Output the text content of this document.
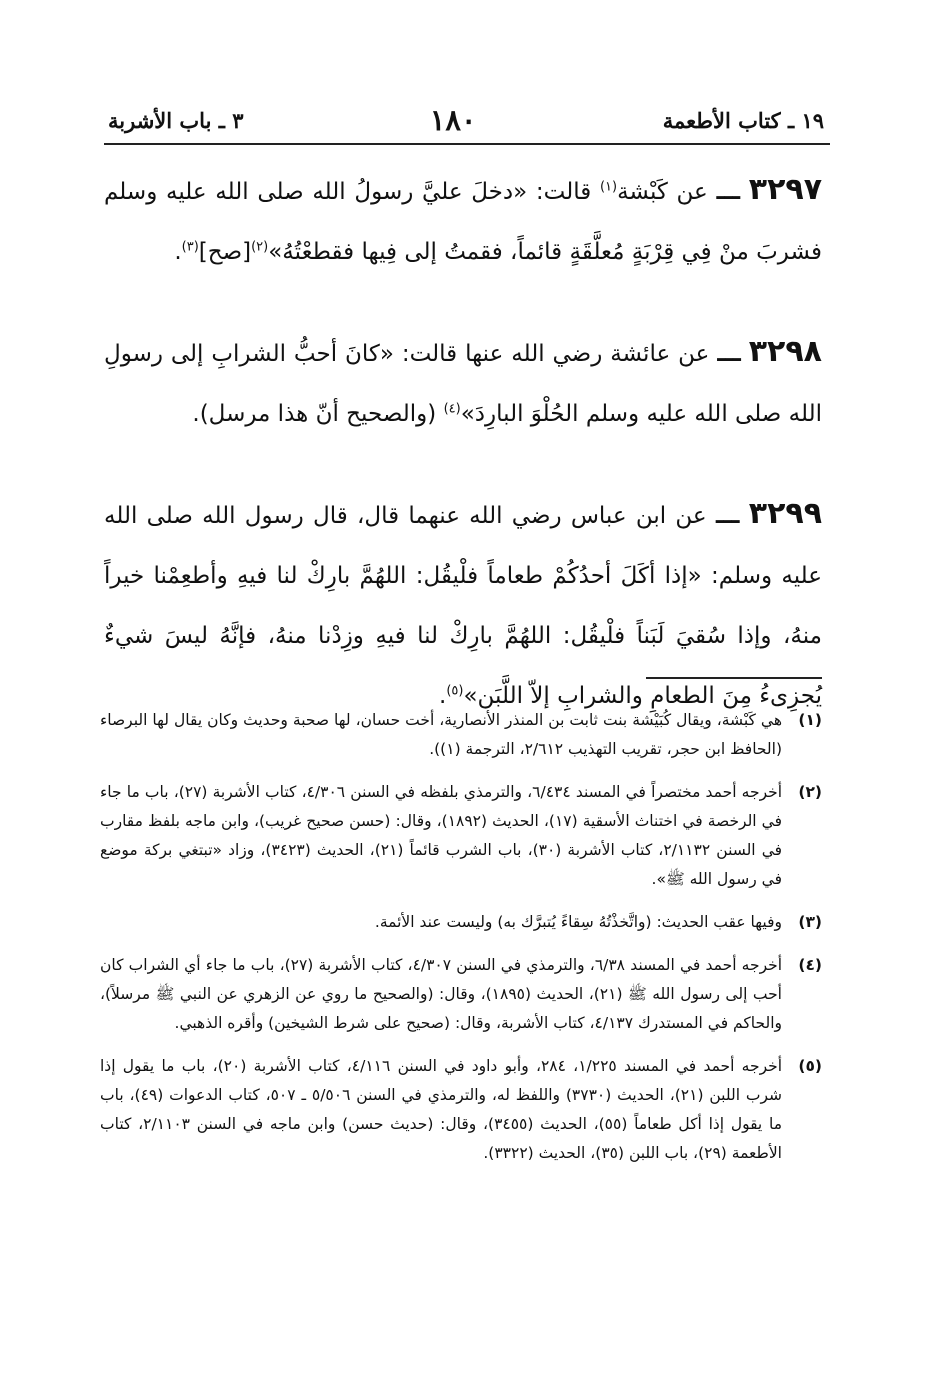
١٩ ـ كتاب الأطعمة
١٨٠
٣ ـ باب الأشربة

٣٢٩٧ ـــ عن كَبْشة$^{(١)}$ قالت: «دخلَ عليَّ رسولُ الله صلى الله عليه وسلم فشربَ منْ فِي قِرْبَةٍ مُعلَّقَةٍ قائماً، فقمتُ إلى فِيها فقطعْتُهُ»$^{(٢)}$[صح]$^{(٣)}$.

٣٢٩٨ ـــ عن عائشة رضي الله عنها قالت: «كانَ أحبُّ الشرابِ إلى رسولِ الله صلى الله عليه وسلم الحُلْوَ البارِدَ»$^{(٤)}$ (والصحيح أنّ هذا مرسل).

٣٢٩٩ ـــ عن ابن عباس رضي الله عنهما قال، قال رسول الله صلى الله عليه وسلم: «إذا أكَلَ أحدُكُمْ طعاماً فلْيقُل: اللهُمَّ بارِكْ لنا فيهِ وأطعِمْنا خيراً منهُ، وإذا سُقيَ لَبَناً فلْيقُل: اللهُمَّ بارِكْ لنا فيهِ وزِدْنا منهُ، فإنَّهُ ليسَ شيءٌ يُجزِىءُ مِنَ الطعامِ والشرابِ إلاّ اللَّبَن»$^{(٥)}$.

(١)
هي كَبْشة، ويقال كُبَيْشة بنت ثابت بن المنذر الأنصارية، أخت حسان، لها صحبة وحديث وكان يقال لها البرصاء (الحافظ ابن حجر، تقريب التهذيب ٢/٦١٢، الترجمة (١)).
(٢)
أخرجه أحمد مختصراً في المسند ٦/٤٣٤، والترمذي بلفظه في السنن ٤/٣٠٦، كتاب الأشربة (٢٧)، باب ما جاء في الرخصة في اختناث الأسقية (١٧)، الحديث (١٨٩٢)، وقال: (حسن صحيح غريب)، وابن ماجه بلفظ مقارب في السنن ٢/١١٣٢، كتاب الأشربة (٣٠)، باب الشرب قائماً (٢١)، الحديث (٣٤٢٣)، وزاد «تبتغي بركة موضع في رسول الله ﷺ».
(٣)
وفيها عقب الحديث: (واتَّخذْتُهُ سِقاءً يُتبرَّك به) وليست عند الأئمة.
(٤)
أخرجه أحمد في المسند ٦/٣٨، والترمذي في السنن ٤/٣٠٧، كتاب الأشربة (٢٧)، باب ما جاء أي الشراب كان أحب إلى رسول الله ﷺ (٢١)، الحديث (١٨٩٥)، وقال: (والصحيح ما روي عن الزهري عن النبي ﷺ مرسلاً)، والحاكم في المستدرك ٤/١٣٧، كتاب الأشربة، وقال: (صحيح على شرط الشيخين) وأقره الذهبي.
(٥)
أخرجه أحمد في المسند ١/٢٢٥، ٢٨٤، وأبو داود في السنن ٤/١١٦، كتاب الأشربة (٢٠)، باب ما يقول إذا شرب اللبن (٢١)، الحديث (٣٧٣٠) واللفظ له، والترمذي في السنن ٥/٥٠٦ ـ ٥٠٧، كتاب الدعوات (٤٩)، باب ما يقول إذا أكل طعاماً (٥٥)، الحديث (٣٤٥٥)، وقال: (حديث حسن) وابن ماجه في السنن ٢/١١٠٣، كتاب الأطعمة (٢٩)، باب اللبن (٣٥)، الحديث (٣٣٢٢).
